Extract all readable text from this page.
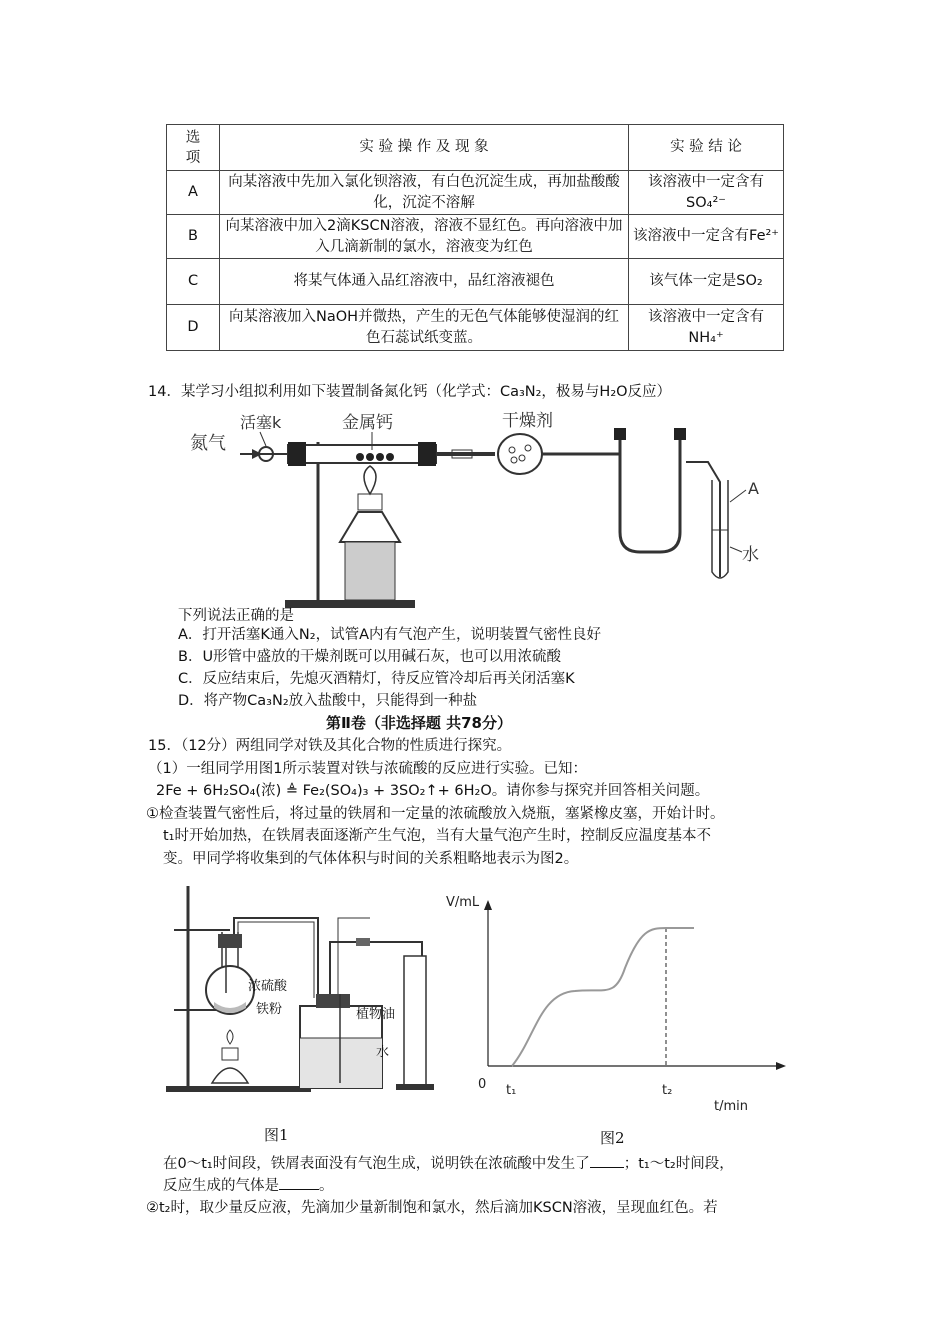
选
项	实 验 操 作 及 现 象	实 验 结 论
A	向某溶液中先加入氯化钡溶液，有白色沉淀生成，再加盐酸酸化，沉淀不溶解	该溶液中一定含有SO₄²⁻
B	向某溶液中加入2滴KSCN溶液，溶液不显红色。再向溶液中加入几滴新制的氯水，溶液变为红色	该溶液中一定含有Fe²⁺
C	将某气体通入品红溶液中，品红溶液褪色	该气体一定是SO₂
D	向某溶液加入NaOH并微热，产生的无色气体能够使湿润的红色石蕊试纸变蓝。	该溶液中一定含有NH₄⁺
14．某学习小组拟利用如下装置制备氮化钙（化学式：Ca₃N₂，极易与H₂O反应）
氮气
活塞k	金属钙	干燥剂
A
水
下列说法正确的是
A．打开活塞K通入N₂，试管A内有气泡产生，说明装置气密性良好
B．U形管中盛放的干燥剂既可以用碱石灰，也可以用浓硫酸
C．反应结束后，先熄灭酒精灯，待反应管冷却后再关闭活塞K
D．将产物Ca₃N₂放入盐酸中，只能得到一种盐
第Ⅱ卷（非选择题 共78分）
15．（12分）两组同学对铁及其化合物的性质进行探究。
（1）一组同学用图1所示装置对铁与浓硫酸的反应进行实验。已知：
2Fe + 6H₂SO₄(浓) ≜ Fe₂(SO₄)₃ + 3SO₂↑+ 6H₂O。请你参与探究并回答相关问题。
①检查装置气密性后，将过量的铁屑和一定量的浓硫酸放入烧瓶，塞紧橡皮塞，开始计时。
t₁时开始加热，在铁屑表面逐渐产生气泡，当有大量气泡产生时，控制反应温度基本不
变。甲同学将收集到的气体体积与时间的关系粗略地表示为图2。
浓硫酸
铁粉	植物油
水
图1
V/mL
t/min
0 t₁	t₂
图2
在0～t₁时间段，铁屑表面没有气泡生成，说明铁在浓硫酸中发生了 ；t₁～t₂时间段，
反应生成的气体是	。
②t₂时，取少量反应液，先滴加少量新制饱和氯水，然后滴加KSCN溶液，呈现血红色。若
